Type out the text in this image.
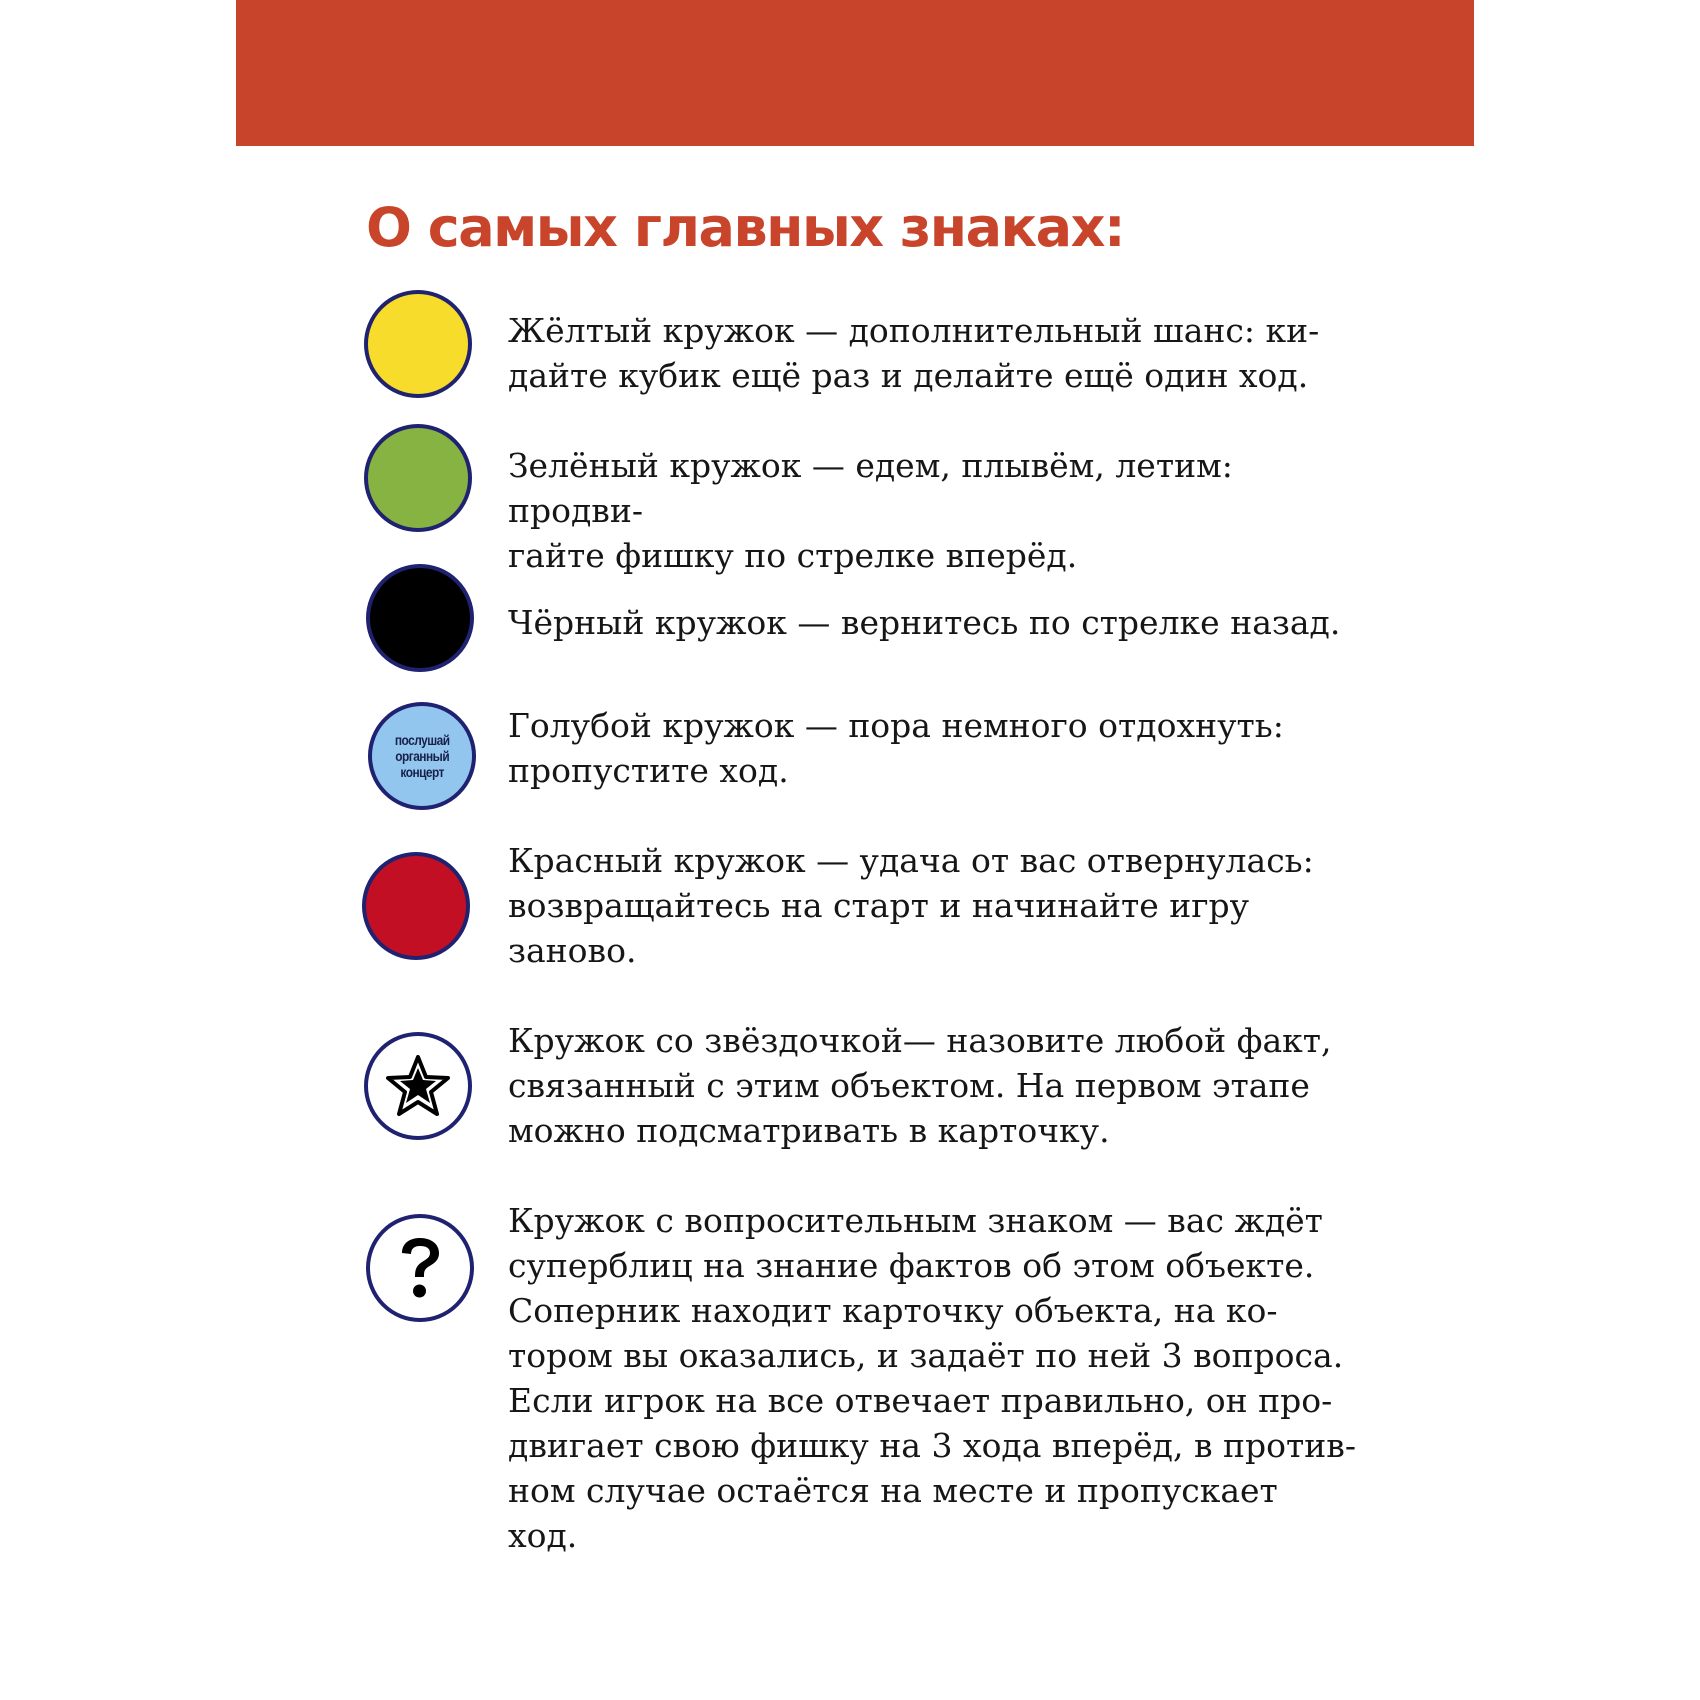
О самых главных знаках:
Жёлтый кружок — дополнительный шанс: ки-
дайте кубик ещё раз и делайте ещё один ход.
Зелёный кружок — едем, плывём, летим: продви-
гайте фишку по стрелке вперёд.
Чёрный кружок — вернитесь по стрелке назад.
послушай
органный
концерт
Голубой кружок — пора немного отдохнуть:
пропустите ход.
Красный кружок — удача от вас отвернулась:
возвращайтесь на старт и начинайте игру
заново.
Кружок со звёздочкой— назовите любой факт,
связанный с этим объектом. На первом этапе
можно подсматривать в карточку.
Кружок с вопросительным знаком — вас ждёт
суперблиц на знание фактов об этом объекте.
Соперник находит карточку объекта, на ко-
тором вы оказались, и задаёт по ней 3 вопроса.
Если игрок на все отвечает правильно, он про-
двигает свою фишку на 3 хода вперёд, в против-
ном случае остаётся на месте и пропускает
ход.
